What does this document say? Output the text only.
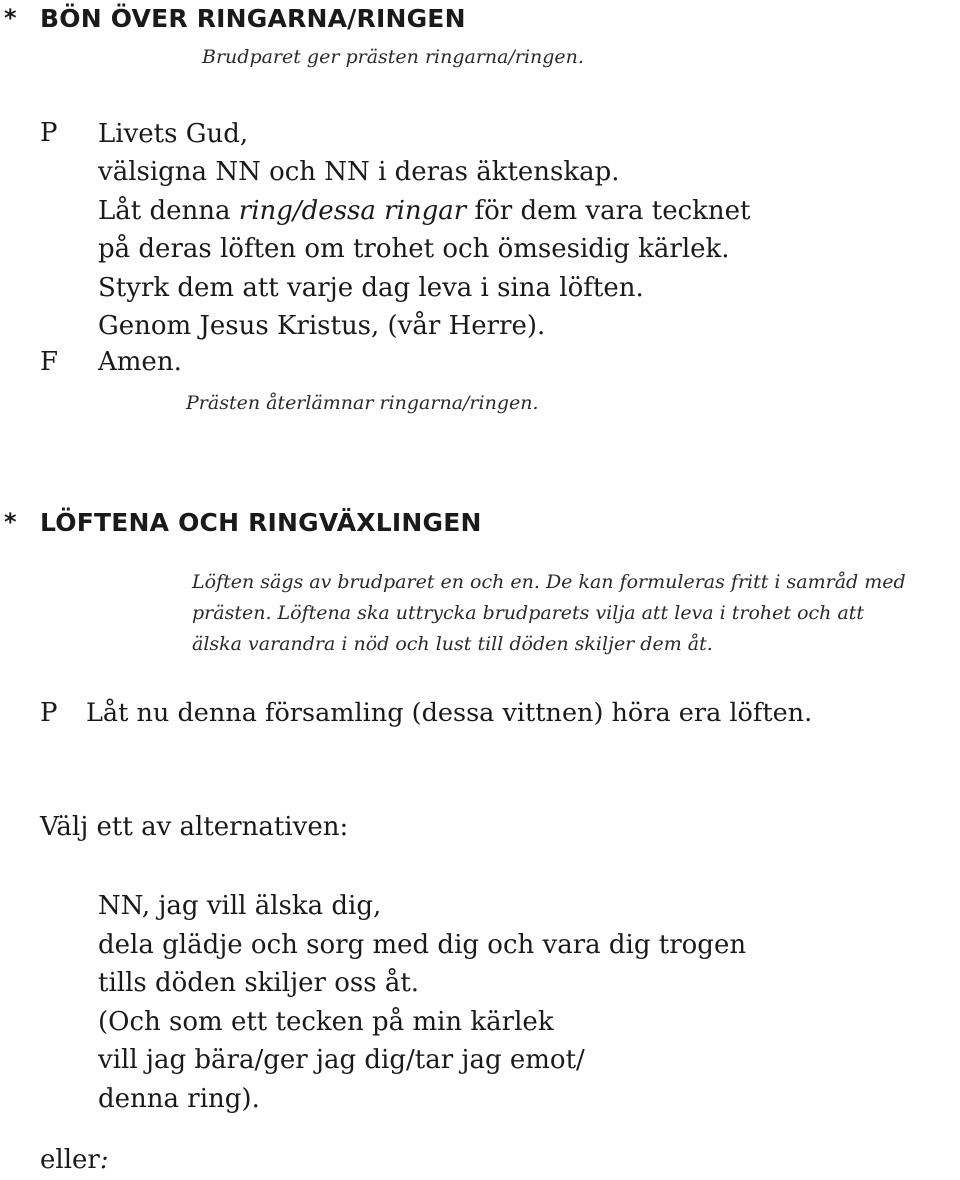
* BÖN ÖVER RINGARNA/RINGEN
Brudparet ger prästen ringarna/ringen.
P Livets Gud,
välsigna NN och NN i deras äktenskap.
Låt denna ring/dessa ringar för dem vara tecknet
på deras löften om trohet och ömsesidig kärlek.
Styrk dem att varje dag leva i sina löften.
Genom Jesus Kristus, (vår Herre).
F Amen.
Prästen återlämnar ringarna/ringen.
* LÖFTENA OCH RINGVÄXLINGEN
Löften sägs av brudparet en och en. De kan formuleras fritt i samråd med
prästen. Löftena ska uttrycka brudparets vilja att leva i trohet och att
älska varandra i nöd och lust till döden skiljer dem åt.
P Låt nu denna församling (dessa vittnen) höra era löften.
Välj ett av alternativen:
NN, jag vill älska dig,
dela glädje och sorg med dig och vara dig trogen
tills döden skiljer oss åt.
(Och som ett tecken på min kärlek
vill jag bära/ger jag dig/tar jag emot/
denna ring).
eller:
